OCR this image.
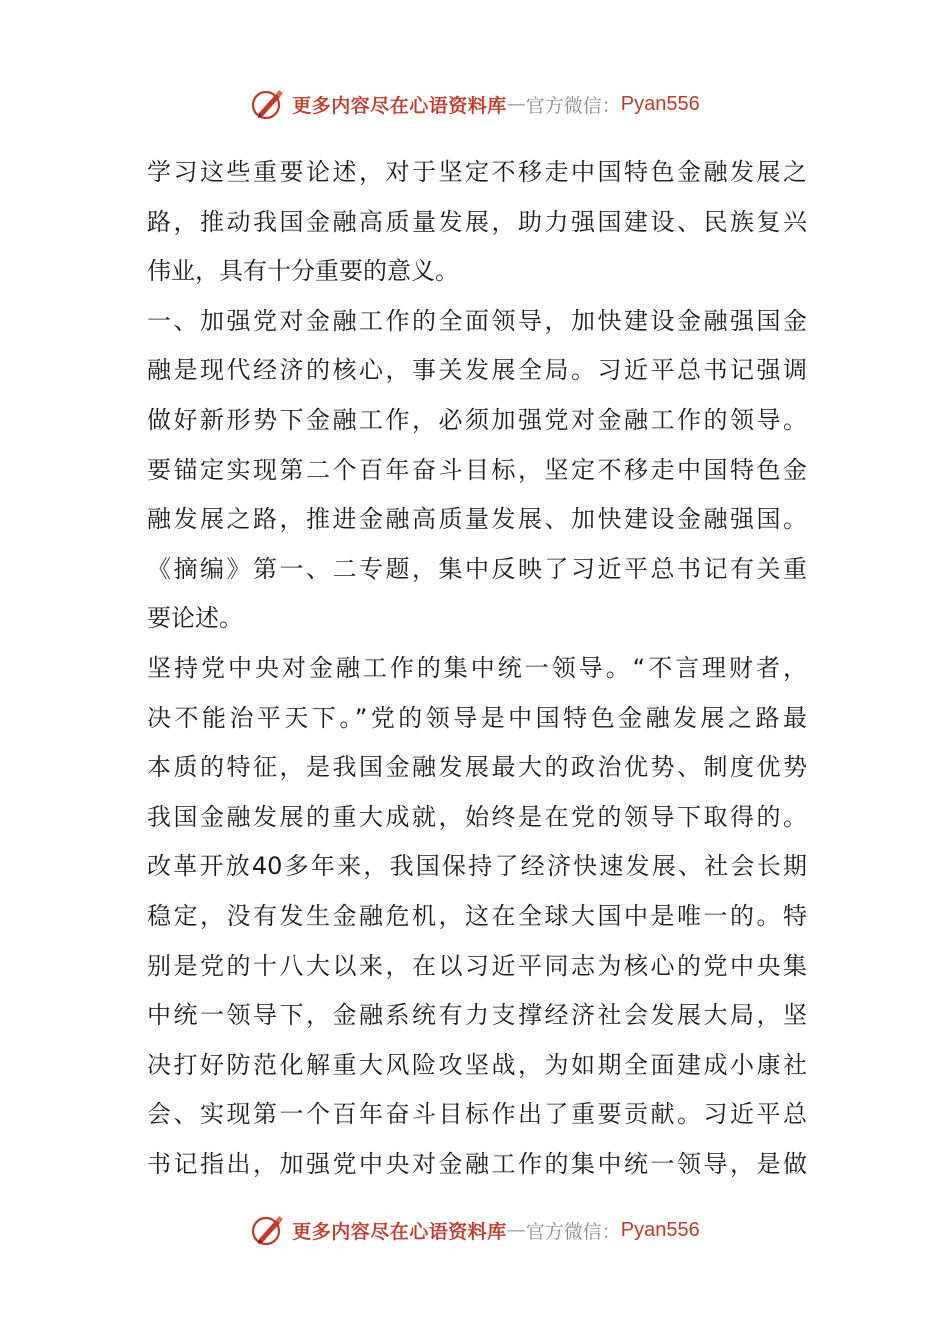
更多内容尽在心语资料库 — 官方微信： Pyan556
学习这些重要论述，对于坚定不移走中国特色金融发展之
路，推动我国金融高质量发展，助力强国建设、民族复兴
伟业，具有十分重要的意义。
一、加强党对金融工作的全面领导，加快建设金融强国金
融是现代经济的核心，事关发展全局。习近平总书记强调
做好新形势下金融工作，必须加强党对金融工作的领导。
要锚定实现第二个百年奋斗目标，坚定不移走中国特色金
融发展之路，推进金融高质量发展、加快建设金融强国。
《摘编》第一、二专题，集中反映了习近平总书记有关重
要论述。
坚持党中央对金融工作的集中统一领导。“不言理财者，
决不能治平天下。”党的领导是中国特色金融发展之路最
本质的特征，是我国金融发展最大的政治优势、制度优势
我国金融发展的重大成就，始终是在党的领导下取得的。
改革开放40多年来，我国保持了经济快速发展、社会长期
稳定，没有发生金融危机，这在全球大国中是唯一的。特
别是党的十八大以来，在以习近平同志为核心的党中央集
中统一领导下，金融系统有力支撑经济社会发展大局，坚
决打好防范化解重大风险攻坚战，为如期全面建成小康社
会、实现第一个百年奋斗目标作出了重要贡献。习近平总
书记指出，加强党中央对金融工作的集中统一领导，是做
更多内容尽在心语资料库 — 官方微信： Pyan556
